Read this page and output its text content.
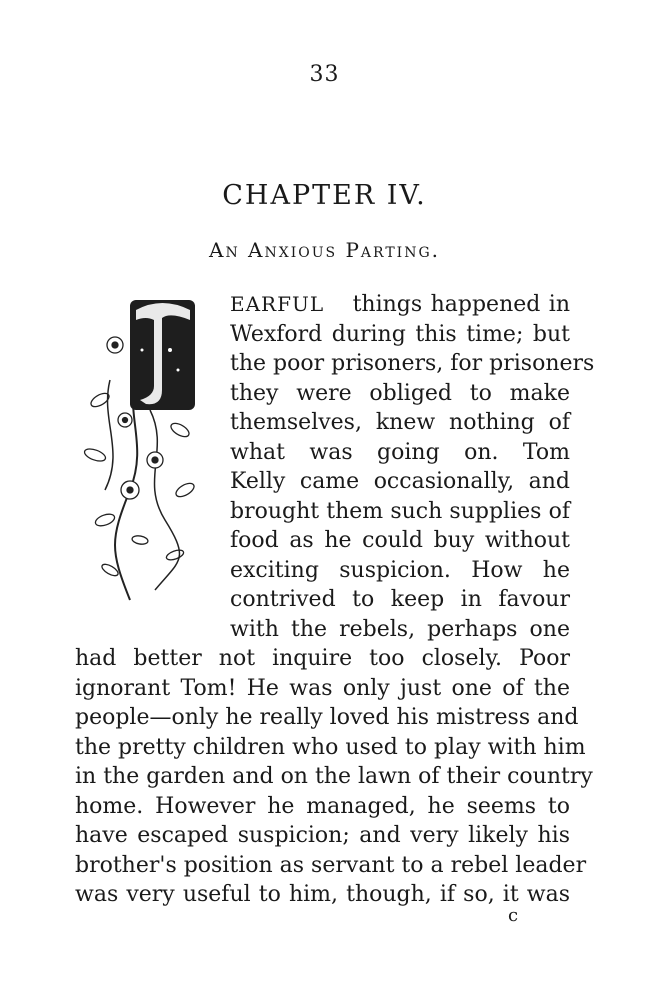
33
CHAPTER IV.
An Anxious Parting.
F
EARFUL things happened in
Wexford during this time; but
the poor prisoners, for prisoners
they were obliged to make
themselves, knew nothing of
what was going on. Tom
Kelly came occasionally, and
brought them such supplies of
food as he could buy without
exciting suspicion. How he
contrived to keep in favour
with the rebels, perhaps one
had better not inquire too closely. Poor
ignorant Tom! He was only just one of the
people—only he really loved his mistress and
the pretty children who used to play with him
in the garden and on the lawn of their country
home. However he managed, he seems to
have escaped suspicion; and very likely his
brother's position as servant to a rebel leader
was very useful to him, though, if so, it was
c
